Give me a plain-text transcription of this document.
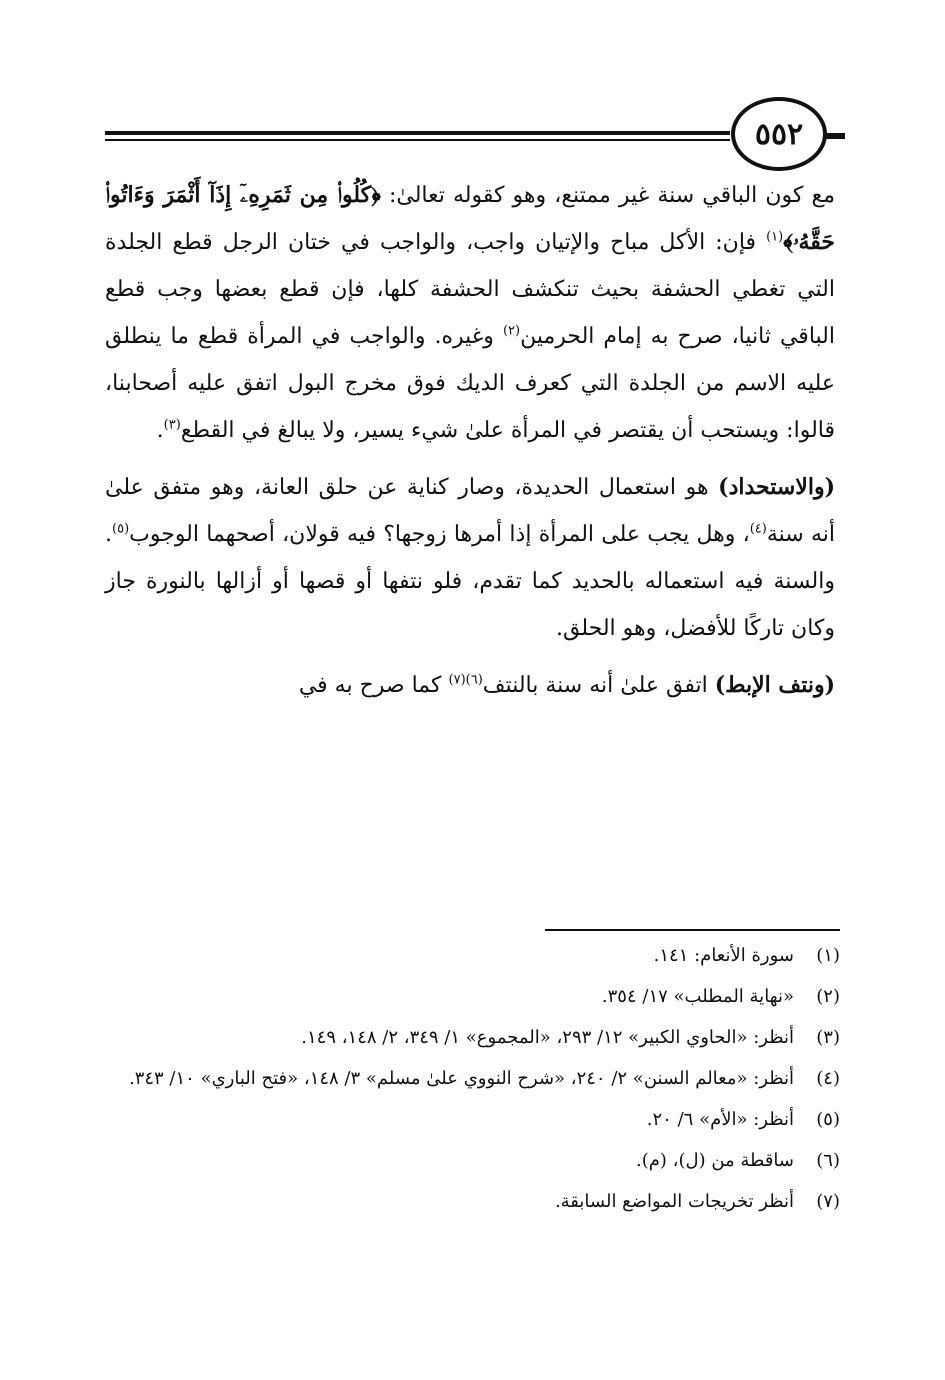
٥٥٢

مع كون الباقي سنة غير ممتنع، وهو كقوله تعالىٰ: ﴿كُلُوا۟ مِن ثَمَرِهِۦٓ إِذَآ أَثْمَرَ وَءَاتُوا۟ حَقَّهُۥ﴾$^{(١)}$ فإن: الأكل مباح والإتيان واجب، والواجب في ختان الرجل قطع الجلدة التي تغطي الحشفة بحيث تنكشف الحشفة كلها، فإن قطع بعضها وجب قطع الباقي ثانيا، صرح به إمام الحرمين$^{(٢)}$ وغيره. والواجب في المرأة قطع ما ينطلق عليه الاسم من الجلدة التي كعرف الديك فوق مخرج البول اتفق عليه أصحابنا، قالوا: ويستحب أن يقتصر في المرأة علىٰ شيء يسير، ولا يبالغ في القطع$^{(٣)}$.

(والاستحداد) هو استعمال الحديدة، وصار كناية عن حلق العانة، وهو متفق علىٰ أنه سنة$^{(٤)}$، وهل يجب على المرأة إذا أمرها زوجها؟ فيه قولان، أصحهما الوجوب$^{(٥)}$. والسنة فيه استعماله بالحديد كما تقدم، فلو نتفها أو قصها أو أزالها بالنورة جاز وكان تاركًا للأفضل، وهو الحلق.

(ونتف الإبط) اتفق علىٰ أنه سنة بالنتف$^{(٦)(٧)}$ كما صرح به في

(١)
سورة الأنعام: ١٤١.
(٢)
«نهاية المطلب» ١٧/ ٣٥٤.
(٣)
أنظر: «الحاوي الكبير» ١٢/ ٢٩٣، «المجموع» ١/ ٣٤٩، ٢/ ١٤٨، ١٤٩.
(٤)
أنظر: «معالم السنن» ٢/ ٢٤٠، «شرح النووي علىٰ مسلم» ٣/ ١٤٨، «فتح الباري» ١٠/ ٣٤٣.
(٥)
أنظر: «الأم» ٦/ ٢٠.
(٦)
ساقطة من (ل)، (م).
(٧)
أنظر تخريجات المواضع السابقة.
